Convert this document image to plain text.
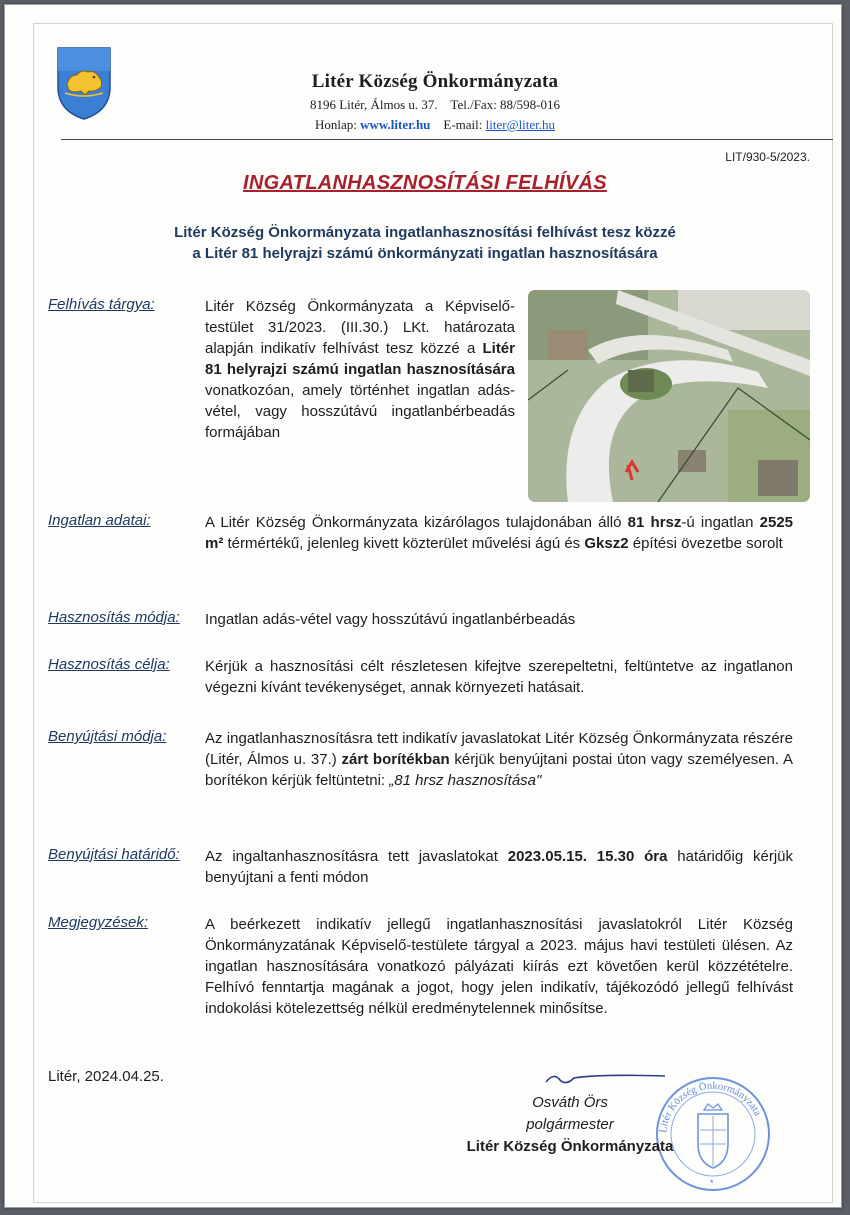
Litér Község Önkormányzata
8196 Litér, Álmos u. 37. Tel./Fax: 88/598-016
Honlap: www.liter.hu E-mail: liter@liter.hu
LIT/930-5/2023.
INGATLANHASZNOSÍTÁSI FELHÍVÁS
Litér Község Önkormányzata ingatlanhasznosítási felhívást tesz közzé
a Litér 81 helyrajzi számú önkormányzati ingatlan hasznosítására
Felhívás tárgya:	Litér Község Önkormányzata a Képviselő-testület 31/2023. (III.30.) LKt. határozata alapján indikatív felhívást tesz közzé a Litér 81 helyrajzi számú ingatlan hasznosítására vonatkozóan, amely történhet ingatlan adás-vétel, vagy hosszútávú ingatlanbérbeadás formájában
Ingatlan adatai:	A Litér Község Önkormányzata kizárólagos tulajdonában álló 81 hrsz-ú ingatlan 2525 m² térmértékű, jelenleg kivett közterület művelési ágú és Gksz2 építési övezetbe sorolt
Hasznosítás módja: Ingatlan adás-vétel vagy hosszútávú ingatlanbérbeadás
Hasznosítás célja: Kérjük a hasznosítási célt részletesen kifejtve szerepeltetni, feltüntetve az ingatlanon végezni kívánt tevékenységet, annak környezeti hatásait.
Benyújtási módja:	Az ingatlanhasznosításra tett indikatív javaslatokat Litér Község Önkormányzata részére (Litér, Álmos u. 37.) zárt borítékban kérjük benyújtani postai úton vagy személyesen. A borítékon kérjük feltüntetni: „81 hrsz hasznosítása"
Benyújtási határidő: Az ingaltanhasznosításra tett javaslatokat 2023.05.15. 15.30 óra határidőig kérjük benyújtani a fenti módon
Megjegyzések:	A beérkezett indikatív jellegű ingatlanhasznosítási javaslatokról Litér Község Önkormányzatának Képviselő-testülete tárgyal a 2023. május havi testületi ülésen. Az ingatlan hasznosítására vonatkozó pályázati kiírás ezt követően kerül közzétételre. Felhívó fenntartja magának a jogot, hogy jelen indikatív, tájékozódó jellegű felhívást indokolási kötelezettség nélkül eredménytelennek minősítse.
Litér, 2024.04.25.
Litér Község Önkormányzata
*
Osváth Örs
polgármester
Litér Község Önkormányzata
